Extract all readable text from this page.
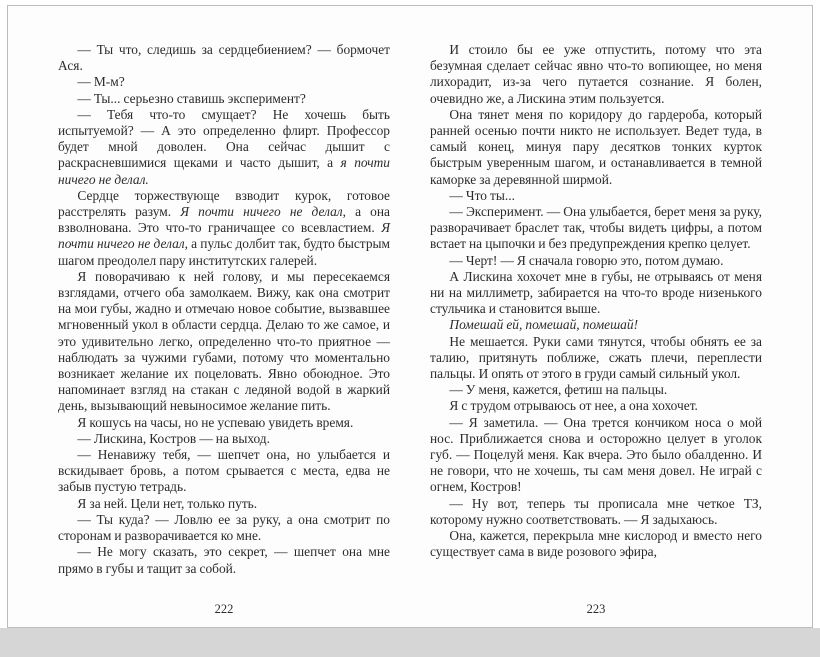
— Ты что, следишь за сердцебиением? — бормочет Ася.

— М-м?

— Ты... серьезно ставишь эксперимент?

— Тебя что-то смущает? Не хочешь быть испытуемой? — А это определенно флирт. Профессор будет мной доволен. Она сейчас дышит с раскрасневшимися щеками и часто дышит, а я почти ничего не делал.

Сердце торжествующе взводит курок, готовое расстрелять разум. Я почти ничего не делал, а она взволнована. Это что-то граничащее со всевластием. Я почти ничего не делал, а пульс долбит так, будто быстрым шагом преодолел пару институтских галерей.

Я поворачиваю к ней голову, и мы пересекаемся взглядами, отчего оба замолкаем. Вижу, как она смотрит на мои губы, жадно и отмечаю новое событие, вызвавшее мгновенный укол в области сердца. Делаю то же самое, и это удивительно легко, определенно что-то приятное — наблюдать за чужими губами, потому что моментально возникает желание их поцеловать. Явно обоюдное. Это напоминает взгляд на стакан с ледяной водой в жаркий день, вызывающий невыносимое желание пить.

Я кошусь на часы, но не успеваю увидеть время.

— Лискина, Костров — на выход.

— Ненавижу тебя, — шепчет она, но улыбается и вскидывает бровь, а потом срывается с места, едва не забыв пустую тетрадь.

Я за ней. Цели нет, только путь.

— Ты куда? — Ловлю ее за руку, а она смотрит по сторонам и разворачивается ко мне.

— Не могу сказать, это секрет, — шепчет она мне прямо в губы и тащит за собой.

222

И стоило бы ее уже отпустить, потому что эта безумная сделает сейчас явно что-то вопиющее, но меня лихорадит, из-за чего путается сознание. Я болен, очевидно же, а Лискина этим пользуется.

Она тянет меня по коридору до гардероба, который ранней осенью почти никто не использует. Ведет туда, в самый конец, минуя пару десятков тонких курток быстрым уверенным шагом, и останавливается в темной каморке за деревянной ширмой.

— Что ты...

— Эксперимент. — Она улыбается, берет меня за руку, разворачивает браслет так, чтобы видеть цифры, а потом встает на цыпочки и без предупреждения крепко целует.

— Черт! — Я сначала говорю это, потом думаю.

А Лискина хохочет мне в губы, не отрываясь от меня ни на миллиметр, забирается на что-то вроде низенького стульчика и становится выше.

Помешай ей, помешай, помешай!

Не мешается. Руки сами тянутся, чтобы обнять ее за талию, притянуть поближе, сжать плечи, переплести пальцы. И опять от этого в груди самый сильный укол.

— У меня, кажется, фетиш на пальцы.

Я с трудом отрываюсь от нее, а она хохочет.

— Я заметила. — Она трется кончиком носа о мой нос. Приближается снова и осторожно целует в уголок губ. — Поцелуй меня. Как вчера. Это было обалденно. И не говори, что не хочешь, ты сам меня довел. Не играй с огнем, Костров!

— Ну вот, теперь ты прописала мне четкое ТЗ, которому нужно соответствовать. — Я задыхаюсь.

Она, кажется, перекрыла мне кислород и вместо него существует сама в виде розового эфира,

223
